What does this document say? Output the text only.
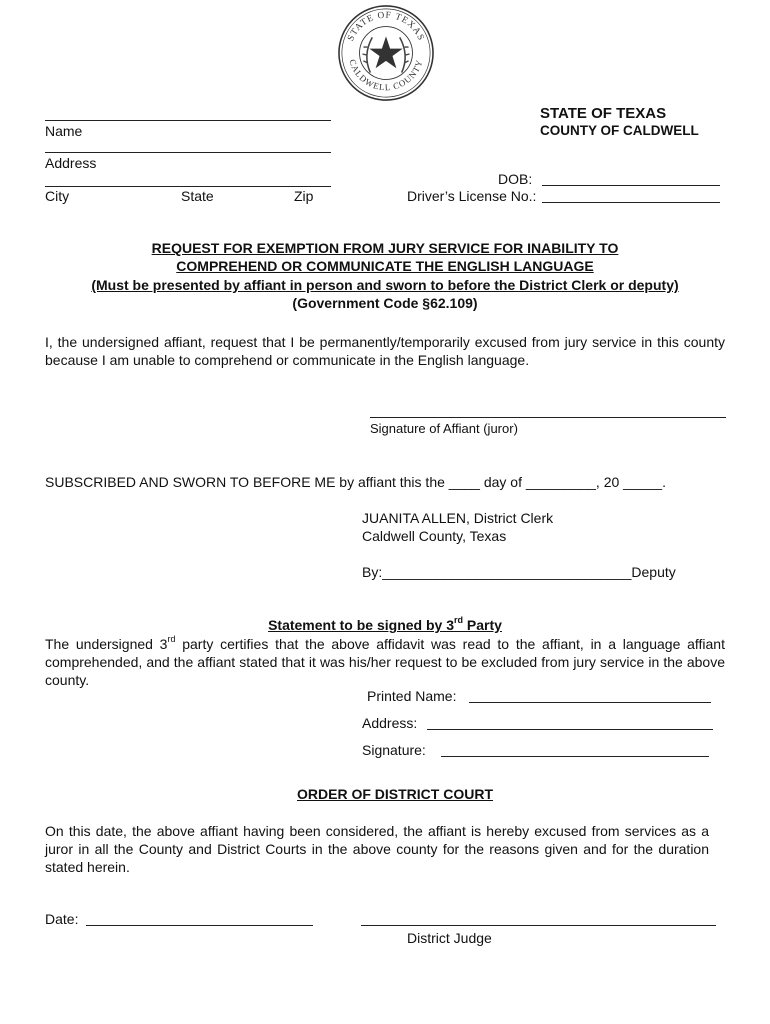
STATE OF TEXAS
CALDWELL COUNTY
Name
Address
City	State	Zip
STATE OF TEXAS
COUNTY OF CALDWELL
DOB:
Driver’s License No.:
REQUEST FOR EXEMPTION FROM JURY SERVICE FOR INABILITY TO
COMPREHEND OR COMMUNICATE THE ENGLISH LANGUAGE
(Must be presented by affiant in person and sworn to before the District Clerk or deputy)
(Government Code §62.109)
I, the undersigned affiant, request that I be permanently/temporarily excused from jury service in this county because I am unable to comprehend or communicate in the English language.
Signature of Affiant (juror)
SUBSCRIBED AND SWORN TO BEFORE ME by affiant this the ____ day of _________, 20 _____.
JUANITA ALLEN, District Clerk
Caldwell County, Texas
By:________________________________Deputy
Statement to be signed by 3rd Party
The undersigned 3rd party certifies that the above affidavit was read to the affiant, in a language affiant comprehended, and the affiant stated that it was his/her request to be excluded from jury service in the above county.
Printed Name:
Address:
Signature:
ORDER OF DISTRICT COURT
On this date, the above affiant having been considered, the affiant is hereby excused from services as a juror in all the County and District Courts in the above county for the reasons given and for the duration stated herein.
Date:
District Judge
